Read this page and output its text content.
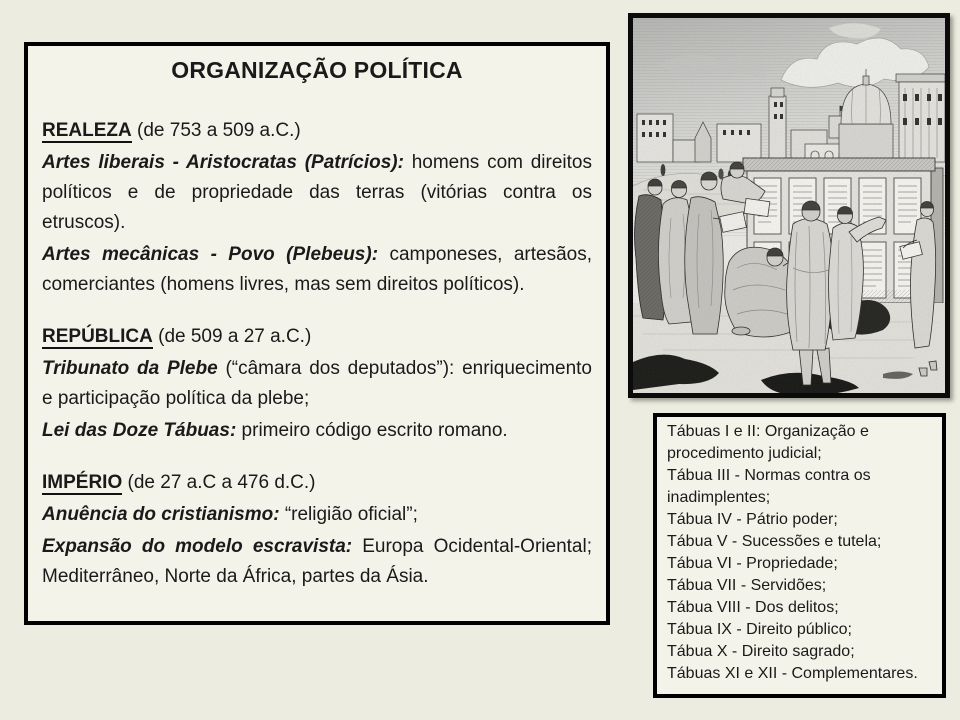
ORGANIZAÇÃO POLÍTICA

REALEZA (de 753 a 509 a.C.)

Artes liberais - Aristocratas (Patrícios): homens com direitos políticos e de propriedade das terras (vitórias contra os etruscos).

Artes mecânicas - Povo (Plebeus): camponeses, artesãos, comerciantes (homens livres, mas sem direitos políticos).

REPÚBLICA (de 509 a 27 a.C.)

Tribunato da Plebe (“câmara dos deputados”): enriquecimento e participação política da plebe;

Lei das Doze Tábuas: primeiro código escrito romano.

IMPÉRIO (de 27 a.C a 476 d.C.)

Anuência do cristianismo: “religião oficial”;

Expansão do modelo escravista: Europa Ocidental-Oriental; Mediterrâneo, Norte da África, partes da Ásia.

Tábuas I e II: Organização e procedimento judicial;

Tábua III - Normas contra os inadimplentes;

Tábua IV - Pátrio poder;

Tábua V - Sucessões e tutela;

Tábua VI - Propriedade;

Tábua VII - Servidões;

Tábua VIII - Dos delitos;

Tábua IX - Direito público;

Tábua X - Direito sagrado;

Tábuas XI e XII - Complementares.
